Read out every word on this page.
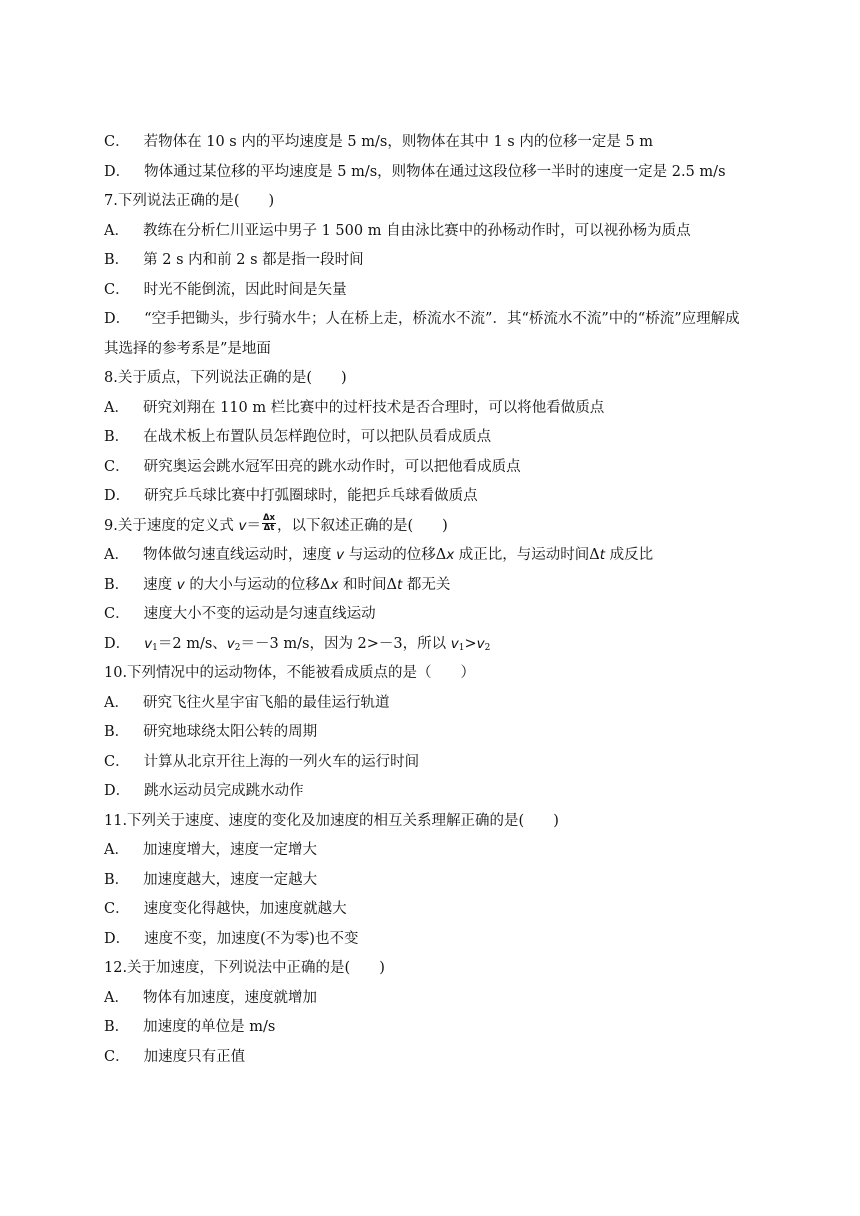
C． 若物体在 10 s 内的平均速度是 5 m/s，则物体在其中 1 s 内的位移一定是 5 m
D． 物体通过某位移的平均速度是 5 m/s，则物体在通过这段位移一半时的速度一定是 2.5 m/s
7.下列说法正确的是(　　)
A． 教练在分析仁川亚运中男子 1 500 m 自由泳比赛中的孙杨动作时，可以视孙杨为质点
B． 第 2 s 内和前 2 s 都是指一段时间
C． 时光不能倒流，因此时间是矢量
D． “空手把锄头，步行骑水牛；人在桥上走，桥流水不流”．其“桥流水不流”中的“桥流”应理解成
其选择的参考系是”是地面
8.关于质点，下列说法正确的是(　　)
A． 研究刘翔在 110 m 栏比赛中的过杆技术是否合理时，可以将他看做质点
B． 在战术板上布置队员怎样跑位时，可以把队员看成质点
C． 研究奥运会跳水冠军田亮的跳水动作时，可以把他看成质点
D． 研究乒乓球比赛中打弧圈球时，能把乒乓球看做质点
9.关于速度的定义式 $v= \frac{\Delta x}{\Delta t}$ ，以下叙述正确的是(　　)
A． 物体做匀速直线运动时，速度 v 与运动的位移Δx 成正比，与运动时间Δt 成反比
B． 速度 v 的大小与运动的位移Δx 和时间Δt 都无关
C． 速度大小不变的运动是匀速直线运动
D． $v_1=2$ m/s、$v_2=-3$ m/s，因为 2>－3，所以 $v_1>v_2$
10.下列情况中的运动物体，不能被看成质点的是（　　）
A． 研究飞往火星宇宙飞船的最佳运行轨道
B． 研究地球绕太阳公转的周期
C． 计算从北京开往上海的一列火车的运行时间
D． 跳水运动员完成跳水动作
11.下列关于速度、速度的变化及加速度的相互关系理解正确的是(　　)
A． 加速度增大，速度一定增大
B． 加速度越大，速度一定越大
C． 速度变化得越快，加速度就越大
D． 速度不变，加速度(不为零)也不变
12.关于加速度，下列说法中正确的是(　　)
A． 物体有加速度，速度就增加
B． 加速度的单位是 m/s
C． 加速度只有正值
